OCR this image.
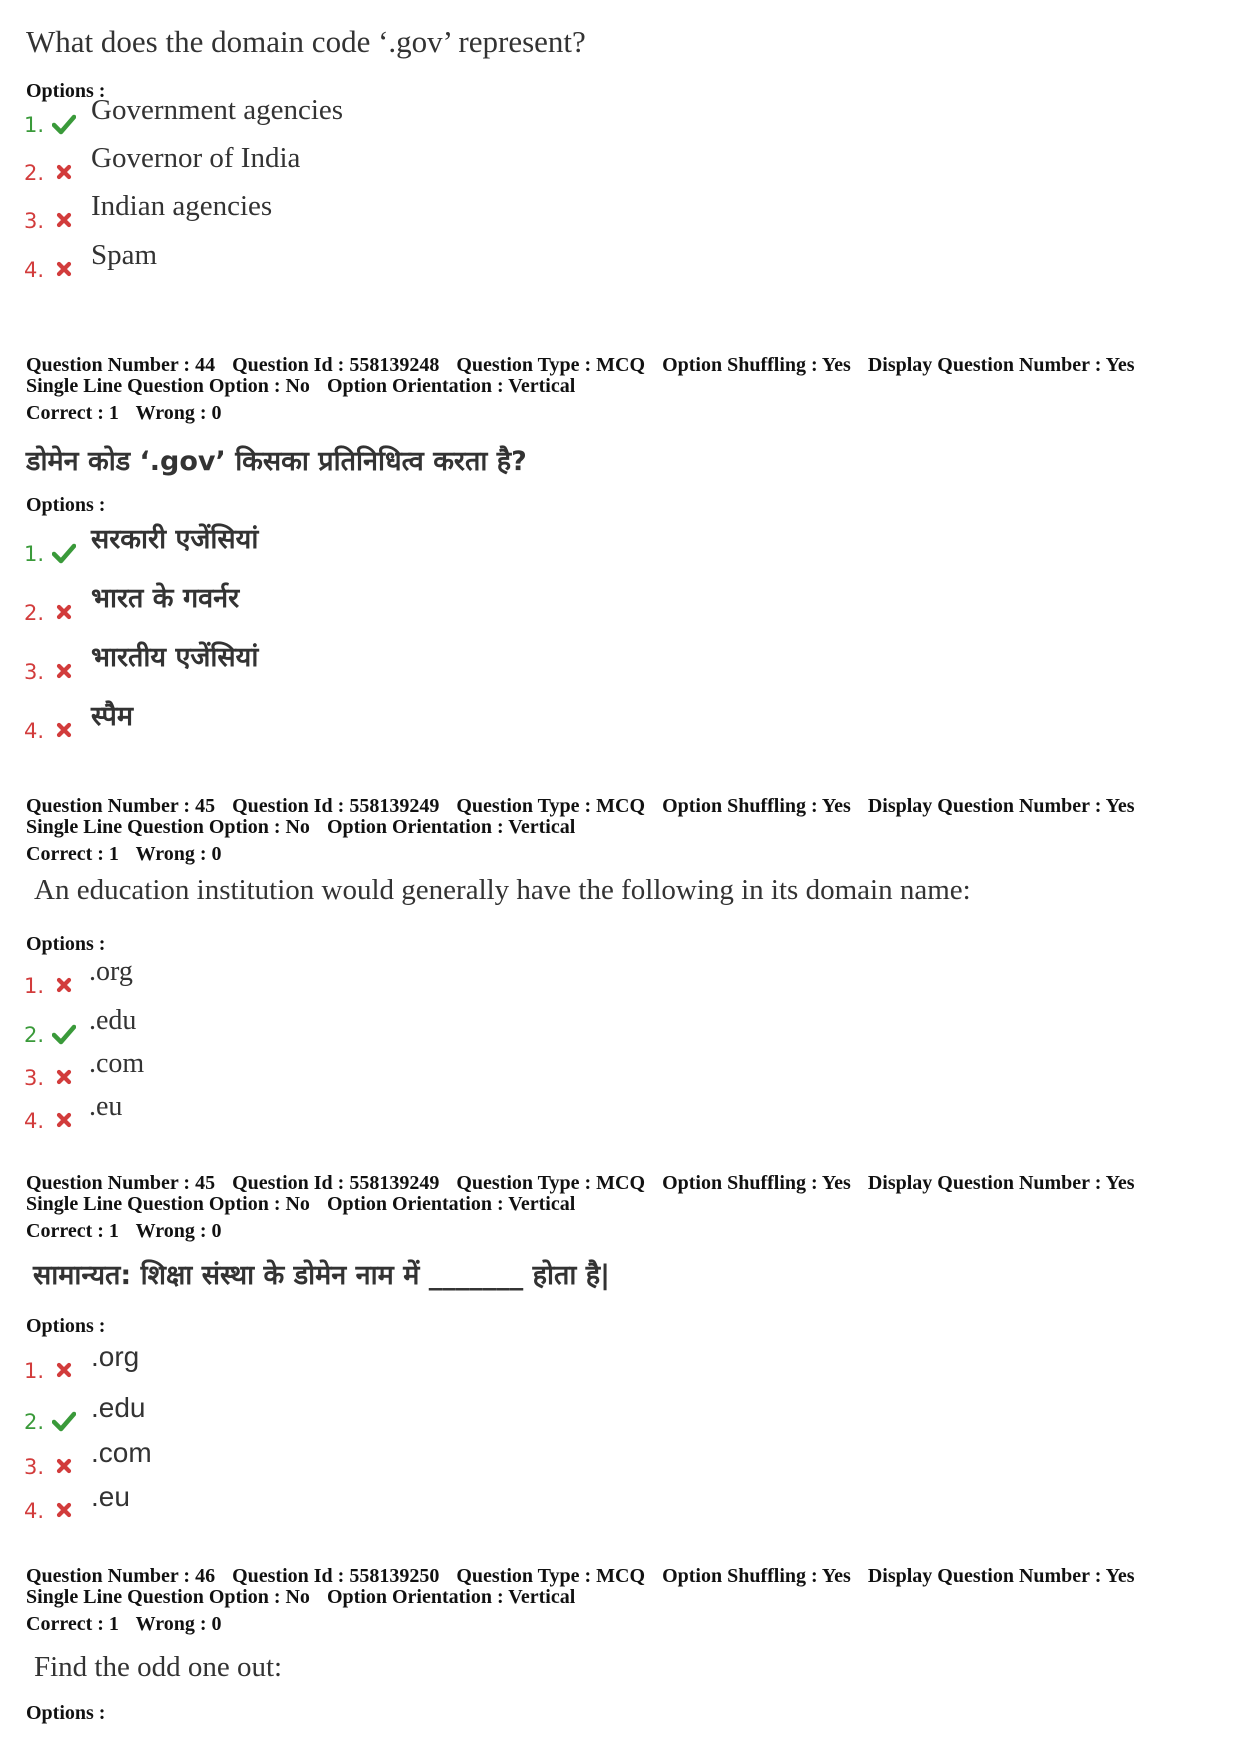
What does the domain code ‘.gov’ represent?
Options :
1. Government agencies
2. Governor of India
3. Indian agencies
4. Spam
Question Number : 44 Question Id : 558139248 Question Type : MCQ Option Shuffling : Yes Display Question Number : Yes
Single Line Question Option : No Option Orientation : Vertical
Correct : 1 Wrong : 0
डोमेन कोड ‘.gov’ किसका प्रतिनिधित्व करता है?
Options :
1. सरकारी एजेंसियां
2. भारत के गवर्नर
3. भारतीय एजेंसियां
4. स्पैम
Question Number : 45 Question Id : 558139249 Question Type : MCQ Option Shuffling : Yes Display Question Number : Yes
Single Line Question Option : No Option Orientation : Vertical
Correct : 1 Wrong : 0
An education institution would generally have the following in its domain name:
Options :
1. .org
2. .edu
3. .com
4. .eu
Question Number : 45 Question Id : 558139249 Question Type : MCQ Option Shuffling : Yes Display Question Number : Yes
Single Line Question Option : No Option Orientation : Vertical
Correct : 1 Wrong : 0
सामान्यत: शिक्षा संस्था के डोमेन नाम में _______ होता है|
Options :
1. .org
2. .edu
3. .com
4. .eu
Question Number : 46 Question Id : 558139250 Question Type : MCQ Option Shuffling : Yes Display Question Number : Yes
Single Line Question Option : No Option Orientation : Vertical
Correct : 1 Wrong : 0
Find the odd one out:
Options :
